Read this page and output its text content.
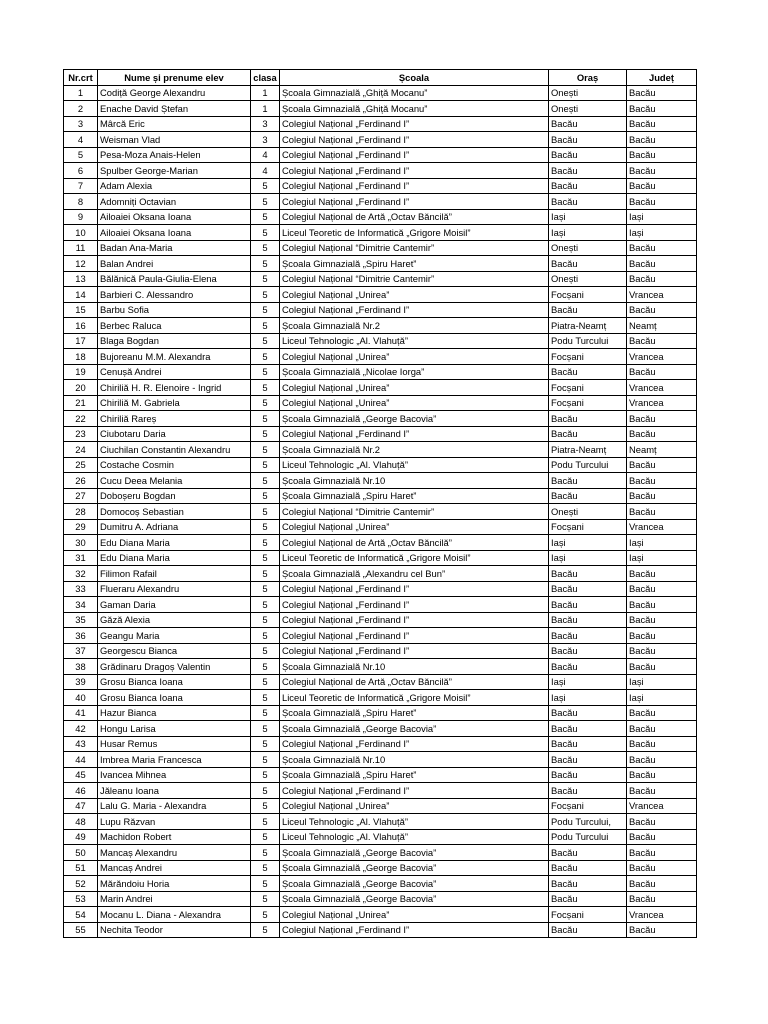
Nr.crt	Nume și prenume elev	clasa	Școala	Oraș	Județ
1	Codiță George Alexandru	1	Școala Gimnazială „Ghiță Mocanu”	Onești	Bacău
2	Enache David Ștefan	1	Școala Gimnazială „Ghiță Mocanu”	Onești	Bacău
3	Mârcă Eric	3	Colegiul Național „Ferdinand I”	Bacău	Bacău
4	Weisman Vlad	3	Colegiul Național „Ferdinand I”	Bacău	Bacău
5	Pesa-Moza Anais-Helen	4	Colegiul Național „Ferdinand I”	Bacău	Bacău
6	Spulber George-Marian	4	Colegiul Național „Ferdinand I”	Bacău	Bacău
7	Adam Alexia	5	Colegiul Național „Ferdinand I”	Bacău	Bacău
8	Adomniți Octavian	5	Colegiul Național „Ferdinand I”	Bacău	Bacău
9	Ailoaiei Oksana Ioana	5	Colegiul Național de Artă „Octav Băncilă”	Iași	Iași
10	Ailoaiei Oksana Ioana	5	Liceul Teoretic de Informatică „Grigore Moisil”	Iași	Iași
11	Badan Ana-Maria	5	Colegiul Național “Dimitrie Cantemir”	Onești	Bacău
12	Balan Andrei	5	Școala Gimnazială „Spiru Haret”	Bacău	Bacău
13	Bălănică Paula-Giulia-Elena	5	Colegiul Național “Dimitrie Cantemir”	Onești	Bacău
14	Barbieri C. Alessandro	5	Colegiul Național „Unirea”	Focșani	Vrancea
15	Barbu Sofia	5	Colegiul Național „Ferdinand I”	Bacău	Bacău
16	Berbec Raluca	5	Școala Gimnazială Nr.2	Piatra-Neamț	Neamț
17	Blaga Bogdan	5	Liceul Tehnologic „Al. Vlahuță”	Podu Turcului	Bacău
18	Bujoreanu M.M. Alexandra	5	Colegiul Național „Unirea”	Focșani	Vrancea
19	Cenușă Andrei	5	Școala Gimnazială „Nicolae Iorga”	Bacău	Bacău
20	Chiriliă H. R. Elenoire - Ingrid	5	Colegiul Național „Unirea”	Focșani	Vrancea
21	Chiriliă M. Gabriela	5	Colegiul Național „Unirea”	Focșani	Vrancea
22	Chiriliă Rareș	5	Școala Gimnazială „George Bacovia”	Bacău	Bacău
23	Ciubotaru Daria	5	Colegiul Național „Ferdinand I”	Bacău	Bacău
24	Ciuchilan Constantin Alexandru	5	Școala Gimnazială Nr.2	Piatra-Neamț	Neamț
25	Costache Cosmin	5	Liceul Tehnologic „Al. Vlahuță”	Podu Turcului	Bacău
26	Cucu Deea Melania	5	Școala Gimnazială Nr.10	Bacău	Bacău
27	Doboșeru Bogdan	5	Școala Gimnazială „Spiru Haret”	Bacău	Bacău
28	Domocoș Sebastian	5	Colegiul Național “Dimitrie Cantemir”	Onești	Bacău
29	Dumitru A. Adriana	5	Colegiul Național „Unirea”	Focșani	Vrancea
30	Edu Diana Maria	5	Colegiul Național de Artă „Octav Băncilă”	Iași	Iași
31	Edu Diana Maria	5	Liceul Teoretic de Informatică „Grigore Moisil”	Iași	Iași
32	Filimon Rafail	5	Școala Gimnazială „Alexandru cel Bun”	Bacău	Bacău
33	Flueraru Alexandru	5	Colegiul Național „Ferdinand I”	Bacău	Bacău
34	Gaman Daria	5	Colegiul Național „Ferdinand I”	Bacău	Bacău
35	Găză Alexia	5	Colegiul Național „Ferdinand I”	Bacău	Bacău
36	Geangu Maria	5	Colegiul Național „Ferdinand I”	Bacău	Bacău
37	Georgescu Bianca	5	Colegiul Național „Ferdinand I”	Bacău	Bacău
38	Grădinaru Dragoș Valentin	5	Școala Gimnazială Nr.10	Bacău	Bacău
39	Grosu Bianca Ioana	5	Colegiul Național de Artă „Octav Băncilă”	Iași	Iași
40	Grosu Bianca Ioana	5	Liceul Teoretic de Informatică „Grigore Moisil”	Iași	Iași
41	Hazur Bianca	5	Școala Gimnazială „Spiru Haret”	Bacău	Bacău
42	Hongu Larisa	5	Școala Gimnazială „George Bacovia”	Bacău	Bacău
43	Husar Remus	5	Colegiul Național „Ferdinand I”	Bacău	Bacău
44	Imbrea Maria Francesca	5	Școala Gimnazială Nr.10	Bacău	Bacău
45	Ivancea Mihnea	5	Școala Gimnazială „Spiru Haret”	Bacău	Bacău
46	Jăleanu Ioana	5	Colegiul Național „Ferdinand I”	Bacău	Bacău
47	Lalu G. Maria - Alexandra	5	Colegiul Național „Unirea”	Focșani	Vrancea
48	Lupu Răzvan	5	Liceul Tehnologic „Al. Vlahuță”	Podu Turcului,	Bacău
49	Machidon Robert	5	Liceul Tehnologic „Al. Vlahuță”	Podu Turcului	Bacău
50	Mancaș Alexandru	5	Școala Gimnazială „George Bacovia”	Bacău	Bacău
51	Mancaș Andrei	5	Școala Gimnazială „George Bacovia”	Bacău	Bacău
52	Mărăndoiu Horia	5	Școala Gimnazială „George Bacovia”	Bacău	Bacău
53	Marin Andrei	5	Școala Gimnazială „George Bacovia”	Bacău	Bacău
54	Mocanu L. Diana - Alexandra	5	Colegiul Național „Unirea”	Focșani	Vrancea
55	Nechita Teodor	5	Colegiul Național „Ferdinand I”	Bacău	Bacău
